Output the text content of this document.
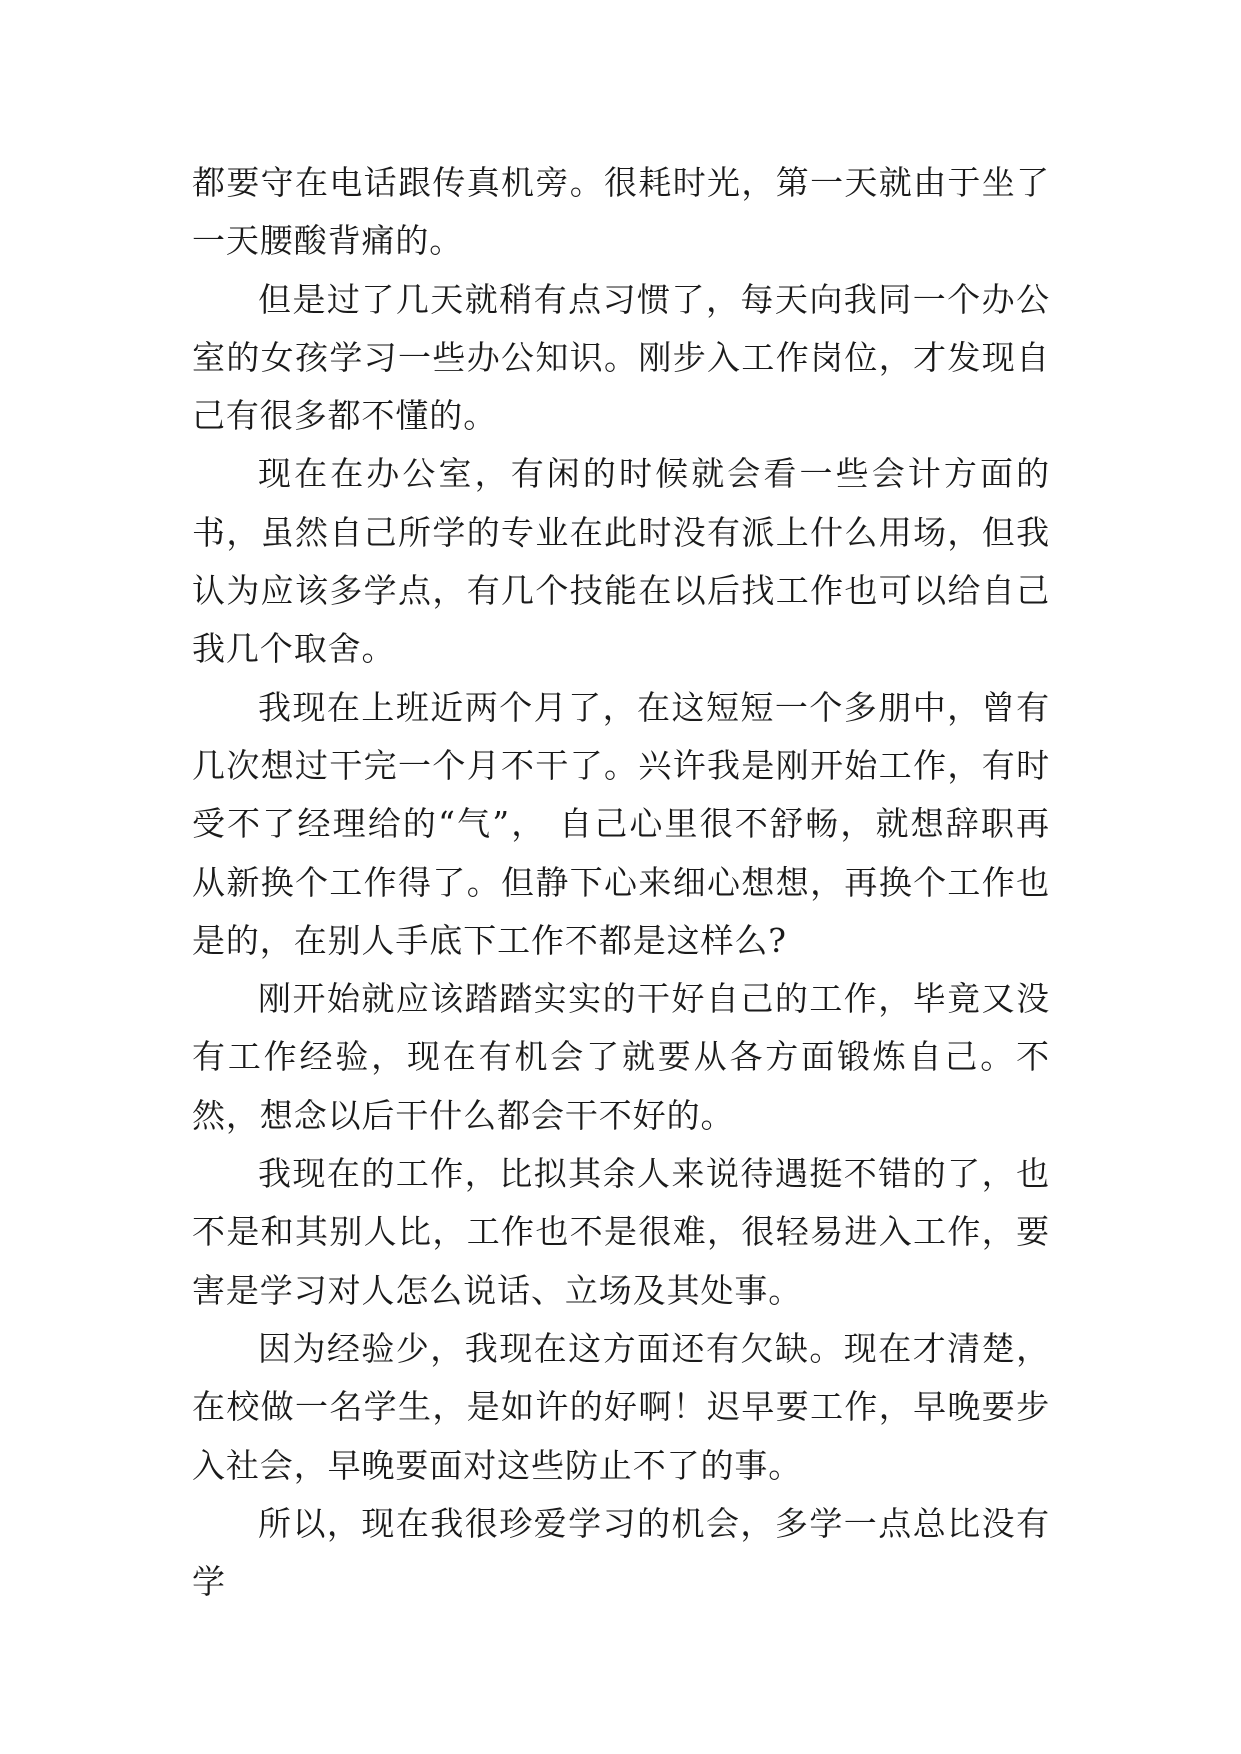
都要守在电话跟传真机旁。很耗时光，第一天就由于坐了一天腰酸背痛的。

但是过了几天就稍有点习惯了，每天向我同一个办公室的女孩学习一些办公知识。刚步入工作岗位，才发现自己有很多都不懂的。

现在在办公室，有闲的时候就会看一些会计方面的书，虽然自己所学的专业在此时没有派上什么用场，但我认为应该多学点，有几个技能在以后找工作也可以给自己我几个取舍。

我现在上班近两个月了，在这短短一个多朋中，曾有几次想过干完一个月不干了。兴许我是刚开始工作，有时受不了经理给的“气”， 自己心里很不舒畅，就想辞职再从新换个工作得了。但静下心来细心想想，再换个工作也是的，在别人手底下工作不都是这样么?

刚开始就应该踏踏实实的干好自己的工作，毕竟又没有工作经验，现在有机会了就要从各方面锻炼自己。不然，想念以后干什么都会干不好的。

我现在的工作，比拟其余人来说待遇挺不错的了，也不是和其别人比，工作也不是很难，很轻易进入工作，要害是学习对人怎么说话、立场及其处事。

因为经验少，我现在这方面还有欠缺。现在才清楚，在校做一名学生，是如许的好啊！迟早要工作，早晚要步入社会，早晚要面对这些防止不了的事。

所以，现在我很珍爱学习的机会，多学一点总比没有学
